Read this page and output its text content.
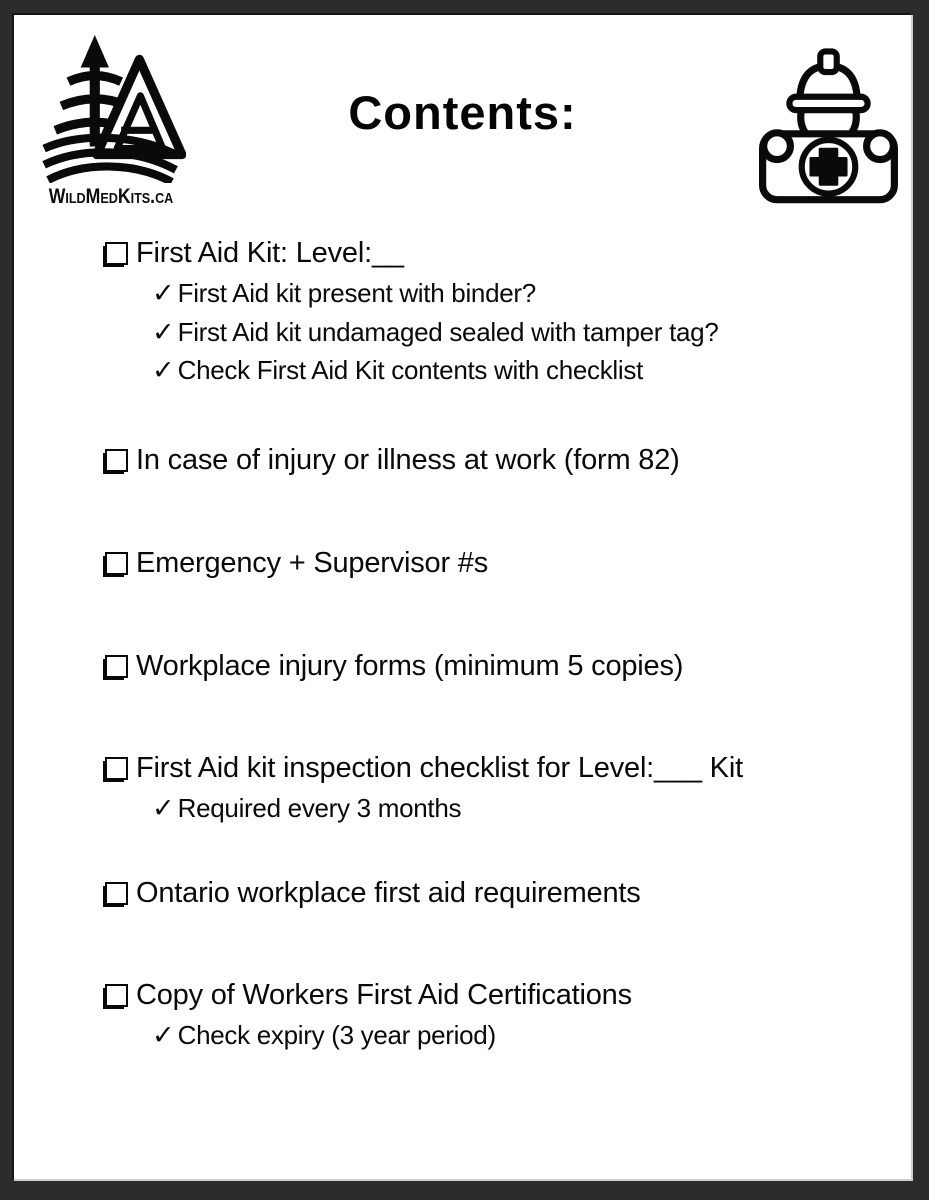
WildMedKits.ca
Contents:
First Aid Kit: Level:__
✓ First Aid kit present with binder?
✓ First Aid kit undamaged sealed with tamper tag?
✓ Check First Aid Kit contents with checklist
In case of injury or illness at work (form 82)
Emergency + Supervisor #s
Workplace injury forms (minimum 5 copies)
First Aid kit inspection checklist for Level:___ Kit
✓ Required every 3 months
Ontario workplace first aid requirements
Copy of Workers First Aid Certifications
✓ Check expiry (3 year period)
